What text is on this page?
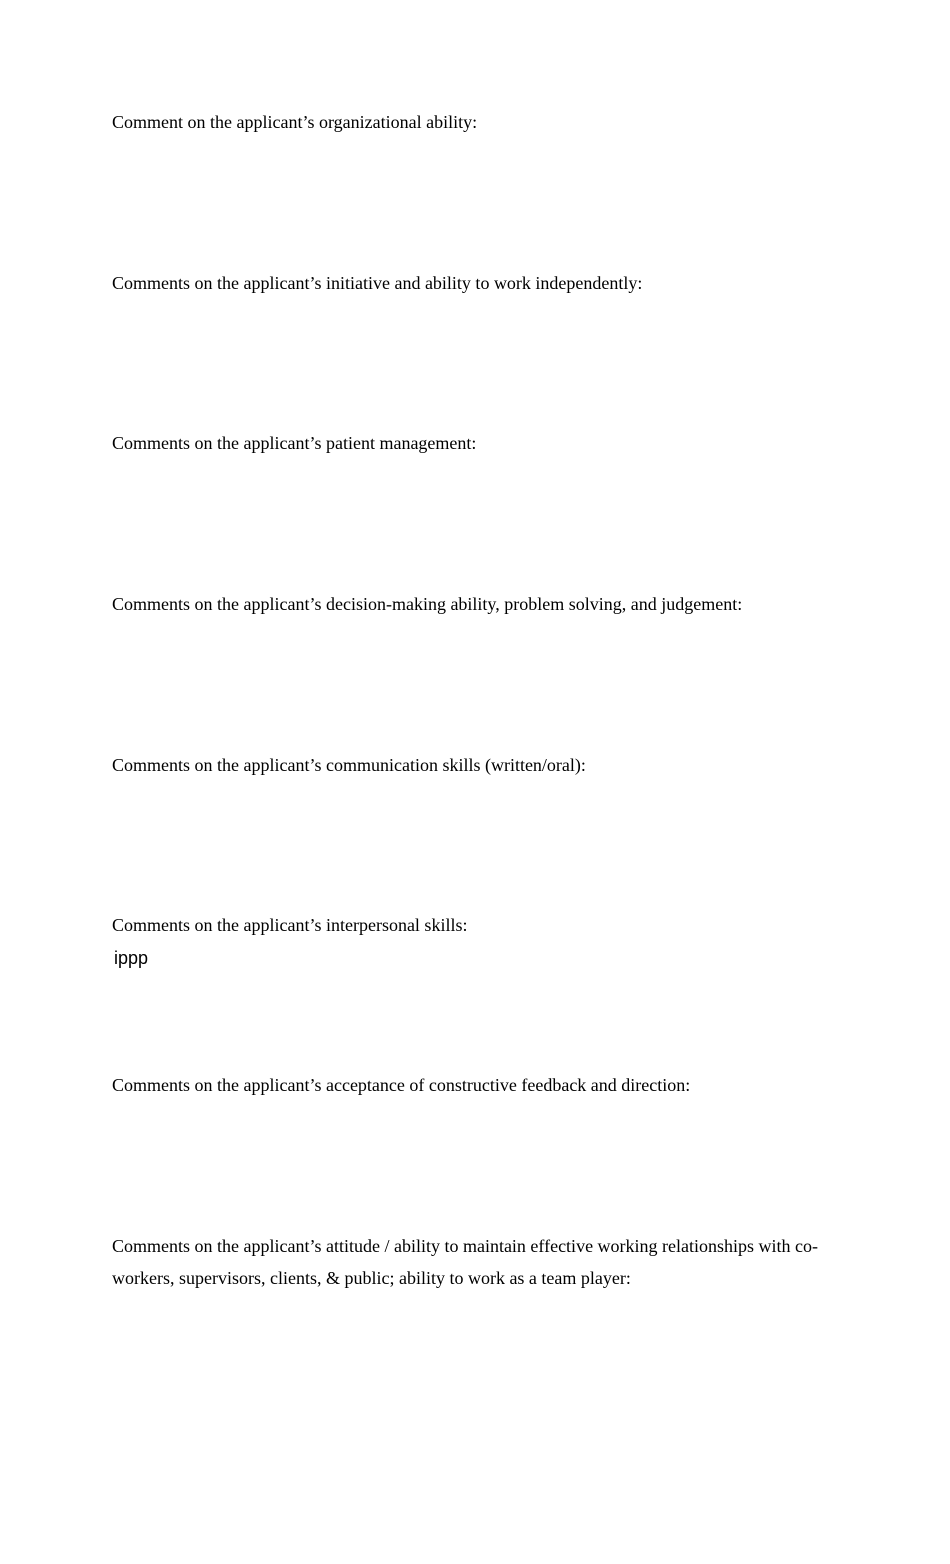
Comment on the applicant’s organizational ability:

Comments on the applicant’s initiative and ability to work independently:

Comments on the applicant’s patient management:

Comments on the applicant’s decision-making ability, problem solving, and judgement:

Comments on the applicant’s communication skills (written/oral):

Comments on the applicant’s interpersonal skills:

ippp

Comments on the applicant’s acceptance of constructive feedback and direction:

Comments on the applicant’s attitude / ability to maintain effective working relationships with co-workers, supervisors, clients, & public; ability to work as a team player:
